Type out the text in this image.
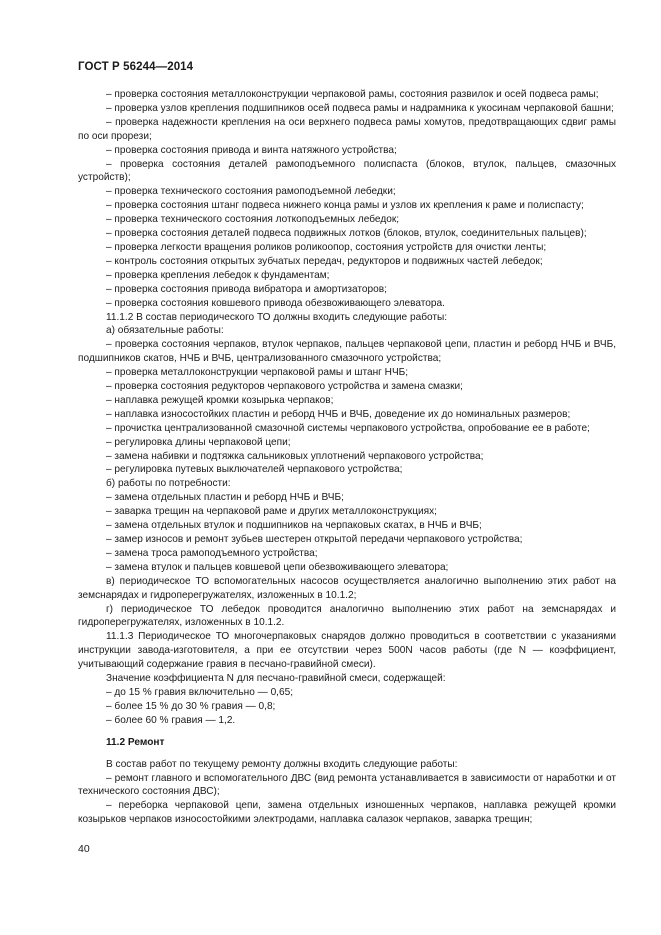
ГОСТ Р 56244—2014

– проверка состояния металлоконструкции черпаковой рамы, состояния развилок и осей подвеса рамы;

– проверка узлов крепления подшипников осей подвеса рамы и надрамника к укосинам черпаковой башни;

– проверка надежности крепления на оси верхнего подвеса рамы хомутов, предотвращающих сдвиг рамы по оси прорези;

– проверка состояния привода и винта натяжного устройства;

– проверка состояния деталей рамоподъемного полиспаста (блоков, втулок, пальцев, смазочных устройств);

– проверка технического состояния рамоподъемной лебедки;

– проверка состояния штанг подвеса нижнего конца рамы и узлов их крепления к раме и полиспасту;

– проверка технического состояния лоткоподъемных лебедок;

– проверка состояния деталей подвеса подвижных лотков (блоков, втулок, соединительных пальцев);

– проверка легкости вращения роликов роликоопор, состояния устройств для очистки ленты;

– контроль состояния открытых зубчатых передач, редукторов и подвижных частей лебедок;

– проверка крепления лебедок к фундаментам;

– проверка состояния привода вибратора и амортизаторов;

– проверка состояния ковшевого привода обезвоживающего элеватора.

11.1.2 В состав периодического ТО должны входить следующие работы:

а) обязательные работы:

– проверка состояния черпаков, втулок черпаков, пальцев черпаковой цепи, пластин и реборд НЧБ и ВЧБ, подшипников скатов, НЧБ и ВЧБ, централизованного смазочного устройства;

– проверка металлоконструкции черпаковой рамы и штанг НЧБ;

– проверка состояния редукторов черпакового устройства и замена смазки;

– наплавка режущей кромки козырька черпаков;

– наплавка износостойких пластин и реборд НЧБ и ВЧБ, доведение их до номинальных размеров;

– прочистка централизованной смазочной системы черпакового устройства, опробование ее в работе;

– регулировка длины черпаковой цепи;

– замена набивки и подтяжка сальниковых уплотнений черпакового устройства;

– регулировка путевых выключателей черпакового устройства;

б) работы по потребности:

– замена отдельных пластин и реборд НЧБ и ВЧБ;

– заварка трещин на черпаковой раме и других металлоконструкциях;

– замена отдельных втулок и подшипников на черпаковых скатах, в НЧБ и ВЧБ;

– замер износов и ремонт зубьев шестерен открытой передачи черпакового устройства;

– замена троса рамоподъемного устройства;

– замена втулок и пальцев ковшевой цепи обезвоживающего элеватора;

в) периодическое ТО вспомогательных насосов осуществляется аналогично выполнению этих работ на земснарядах и гидроперегружателях, изложенных в 10.1.2;

г) периодическое ТО лебедок проводится аналогично выполнению этих работ на земснарядах и гидроперегружателях, изложенных в 10.1.2.

11.1.3 Периодическое ТО многочерпаковых снарядов должно проводиться в соответствии с указаниями инструкции завода-изготовителя, а при ее отсутствии через 500N часов работы (где N — коэффициент, учитывающий содержание гравия в песчано-гравийной смеси).

Значение коэффициента N для песчано-гравийной смеси, содержащей:

– до 15 % гравия включительно — 0,65;

– более 15 % до 30 % гравия — 0,8;

– более 60 % гравия — 1,2.

11.2 Ремонт

В состав работ по текущему ремонту должны входить следующие работы:

– ремонт главного и вспомогательного ДВС (вид ремонта устанавливается в зависимости от наработки и от технического состояния ДВС);

– переборка черпаковой цепи, замена отдельных изношенных черпаков, наплавка режущей кромки козырьков черпаков износостойкими электродами, наплавка салазок черпаков, заварка трещин;

40
